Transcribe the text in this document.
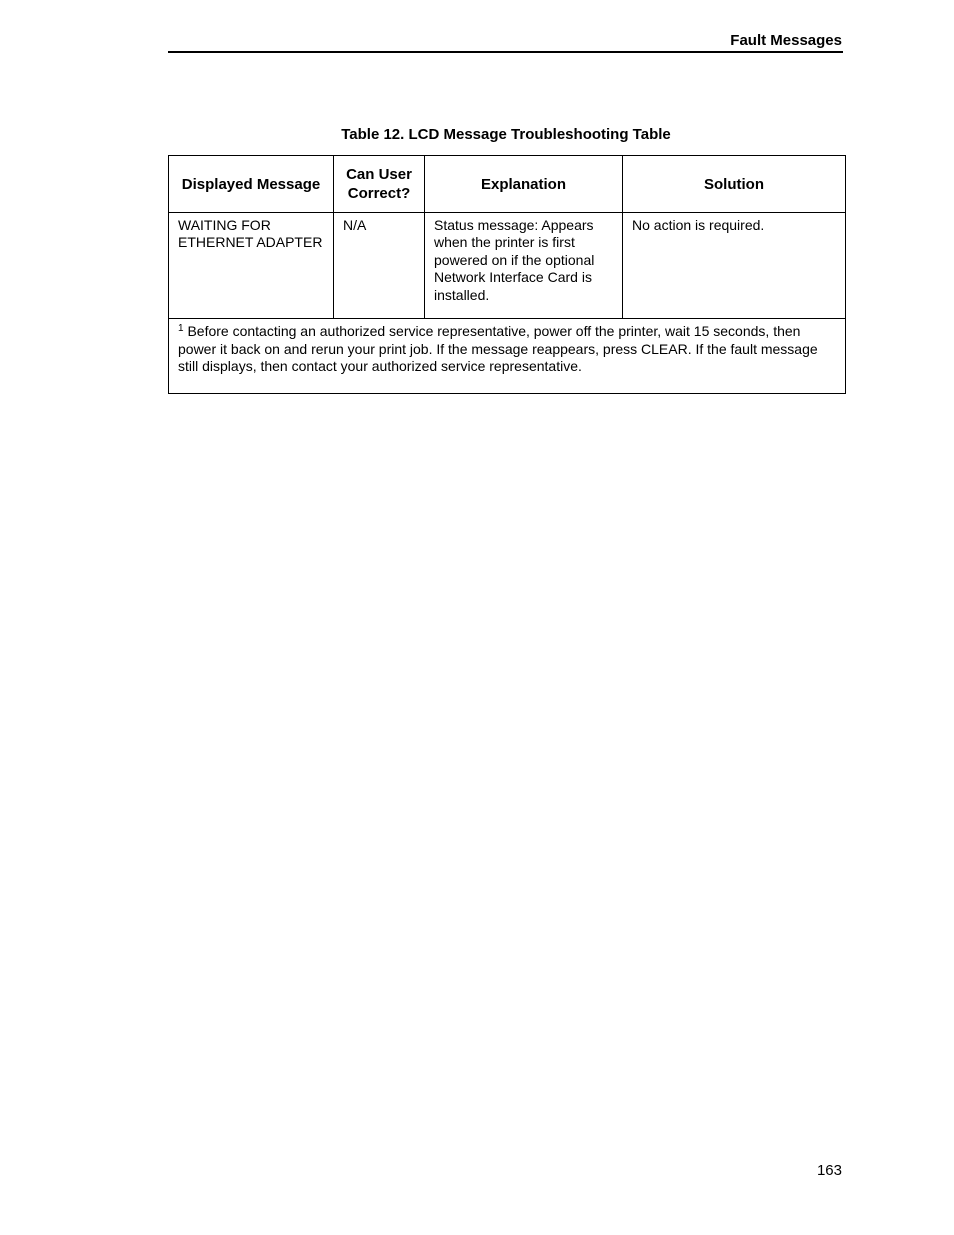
Fault Messages
Table 12. LCD Message Troubleshooting Table
Displayed Message	Can User Correct?	Explanation	Solution

WAITING FOR
ETHERNET ADAPTER	N/A	Status message: Appears when the printer is first powered on if the optional Network Interface Card is installed.	No action is required.
$^1$ Before contacting an authorized service representative, power off the printer, wait 15 seconds, then power it back on and rerun your print job. If the message reappears, press CLEAR. If the fault message still displays, then contact your authorized service representative.			
163
